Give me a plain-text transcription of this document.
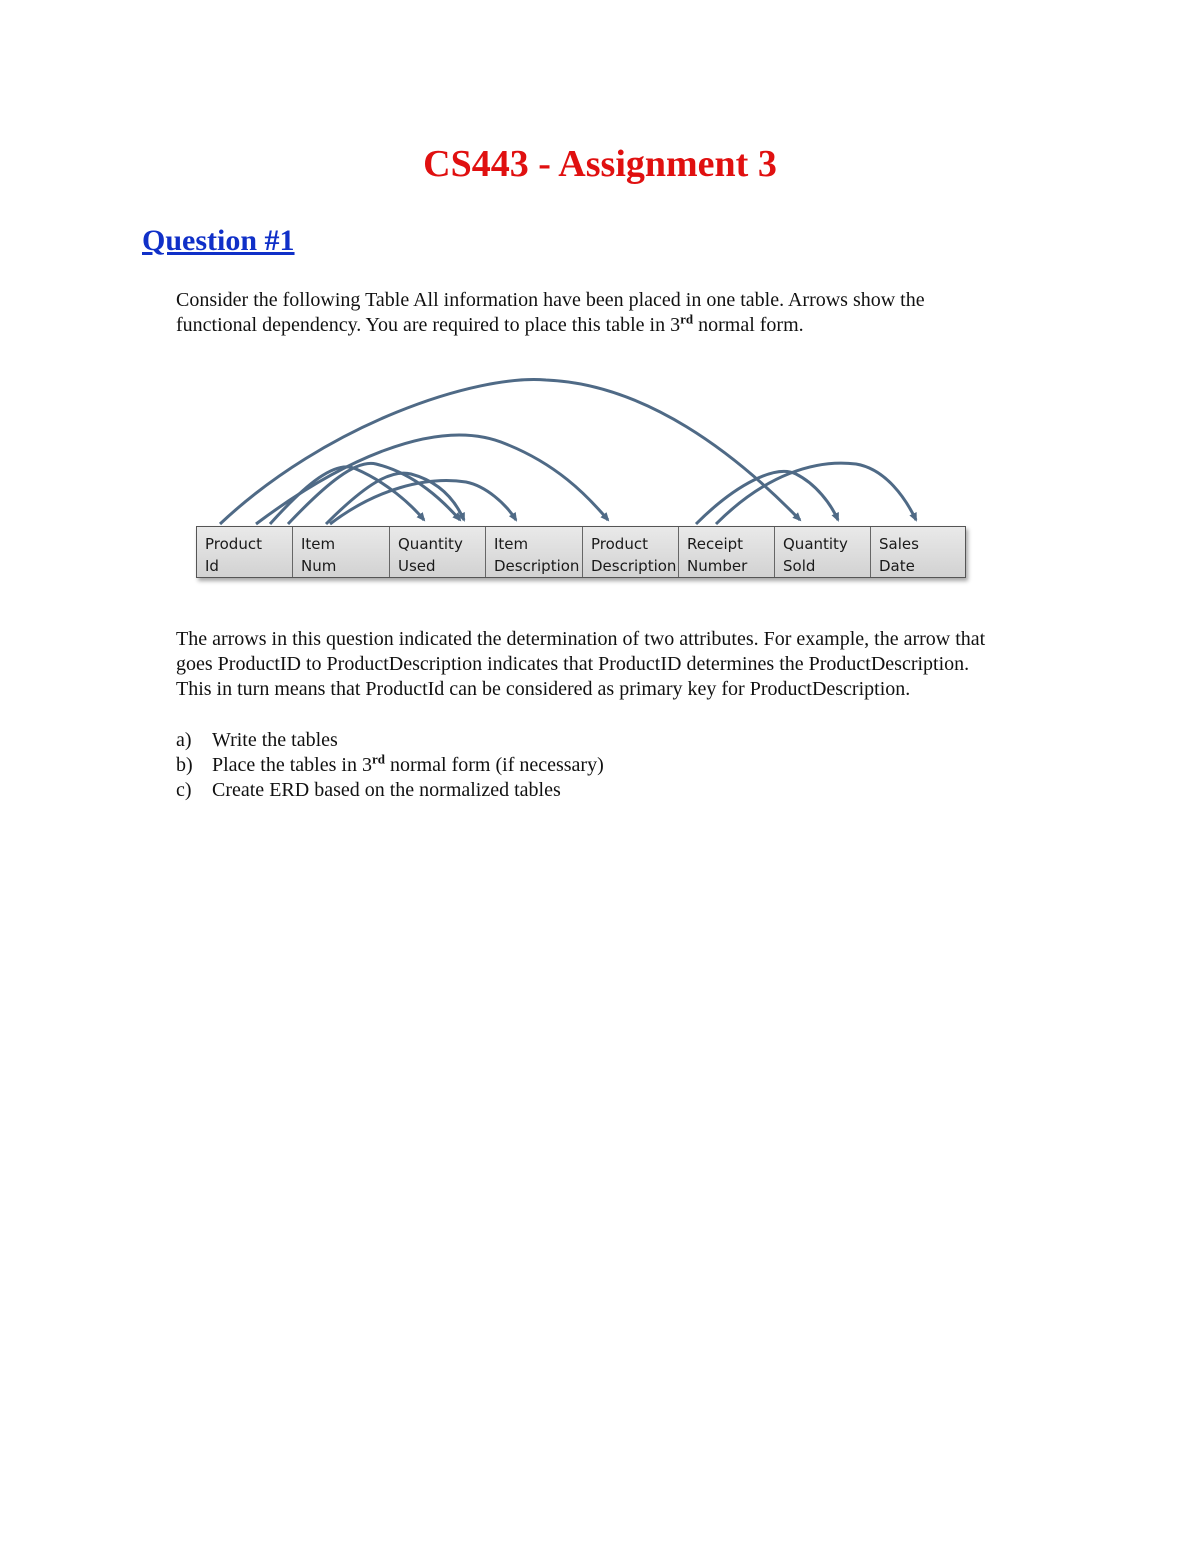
CS443 - Assignment 3
Question #1

Consider the following Table All information have been placed in one table. Arrows show the

functional dependency. You are required to place this table in 3rd normal form.

Product
Id
Item
Num
Quantity
Used
Item
Description
Product
Description
Receipt
Number
Quantity
Sold
Sales
Date

The arrows in this question indicated the determination of two attributes. For example, the arrow that

goes ProductID to ProductDescription indicates that ProductID determines the ProductDescription.

This in turn means that ProductId can be considered as primary key for ProductDescription.

a)	Write the tables
b) Place the tables in 3rd normal form (if necessary)
c)	Create ERD based on the normalized tables
